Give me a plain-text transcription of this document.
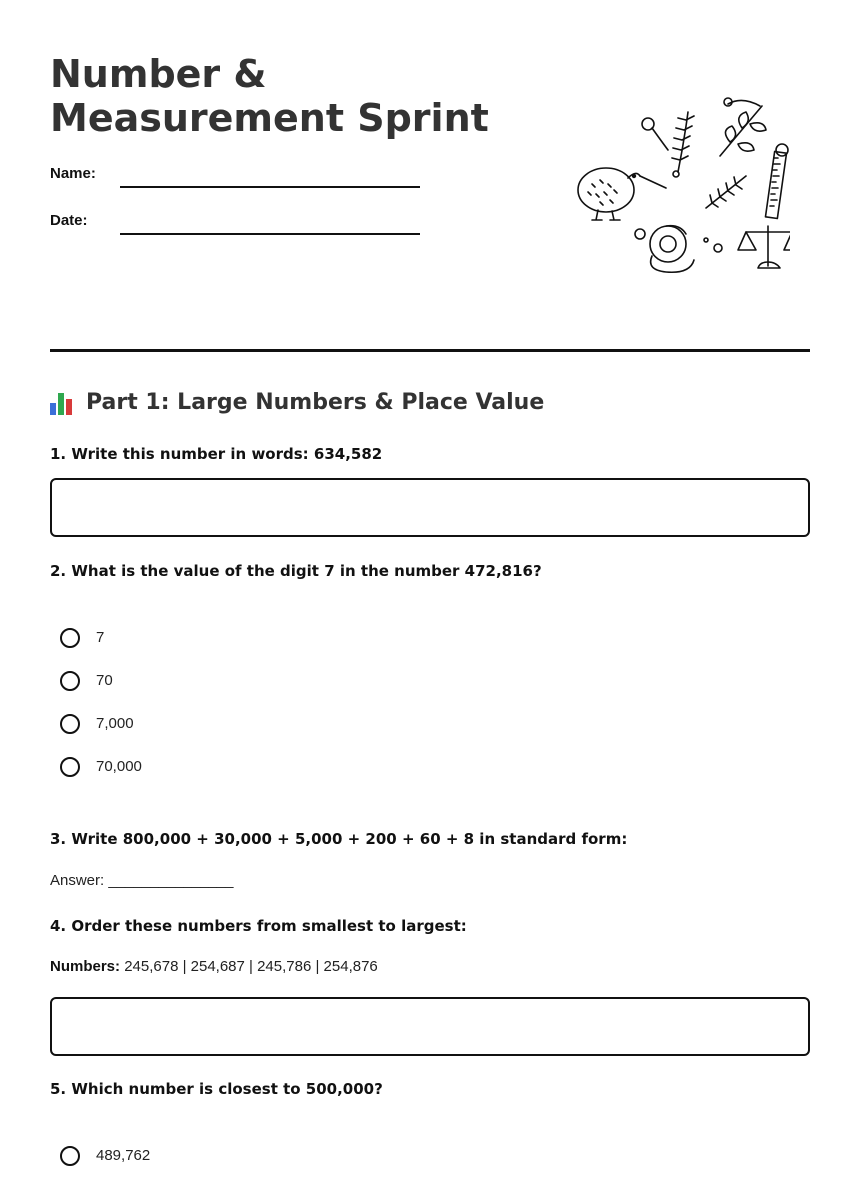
Number &
Measurement Sprint
Name:
Date:
Part 1: Large Numbers & Place Value
1. Write this number in words: 634,582
2. What is the value of the digit 7 in the number 472,816?
7
70
7,000
70,000
3. Write 800,000 + 30,000 + 5,000 + 200 + 60 + 8 in standard form:
Answer: _______________
4. Order these numbers from smallest to largest:
Numbers: 245,678 | 254,687 | 245,786 | 254,876
5. Which number is closest to 500,000?
489,762
